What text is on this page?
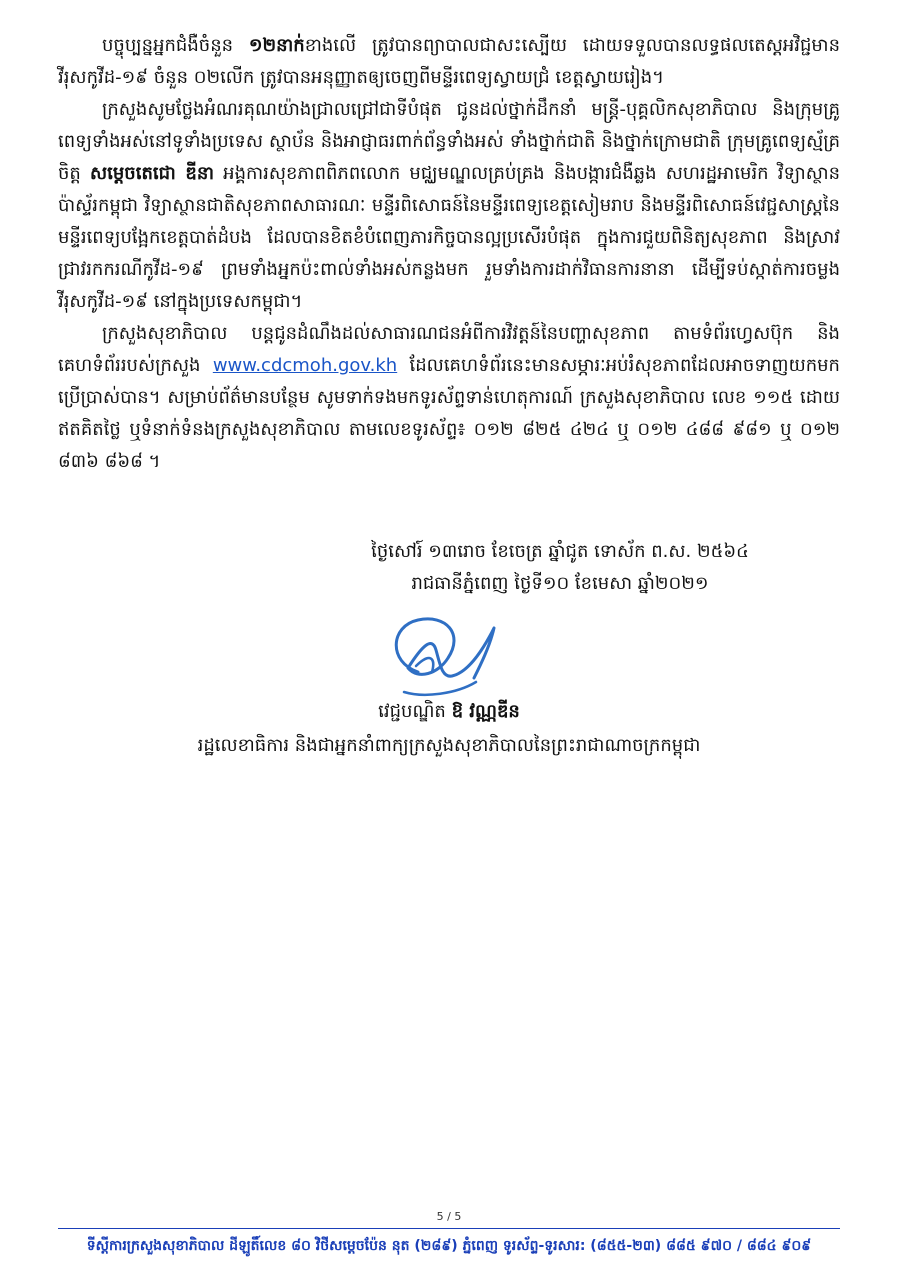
បច្ចុប្បន្នអ្នកជំងឺចំនួន ១២នាក់ខាងលើ ត្រូវបានព្យាបាលជាសះស្បើយ ដោយទទួលបានលទ្ធផលតេស្តអវិជ្ជមានវីរុសកូវីដ-១៩ ចំនួន ០២លើក ត្រូវបានអនុញ្ញាតឲ្យចេញពីមន្ទីរពេទ្យស្វាយជ្រំ ខេត្តស្វាយរៀង។

ក្រសួងសូមថ្លែងអំណរគុណយ៉ាងជ្រាលជ្រៅជាទីបំផុត ជូនដល់ថ្នាក់ដឹកនាំ មន្ត្រី-បុគ្គលិកសុខាភិបាល និងក្រុមគ្រូពេទ្យទាំងអស់នៅទូទាំងប្រទេស ស្ថាប័ន និងអាជ្ញាធរពាក់ព័ន្ធទាំងអស់ ទាំងថ្នាក់ជាតិ និងថ្នាក់ក្រោមជាតិ ក្រុមគ្រូពេទ្យស្ម័គ្រចិត្ត សម្តេចតេជោ ឌីនា អង្គការសុខភាពពិភពលោក មជ្ឈមណ្ឌលគ្រប់គ្រង និងបង្ការជំងឺឆ្លង សហរដ្ឋអាមេរិក វិទ្យាស្ថានប៉ាស្ទ័រកម្ពុជា វិទ្យាស្ថានជាតិសុខភាពសាធារណៈ មន្ទីរពិសោធន៍នៃមន្ទីរពេទ្យខេត្តសៀមរាប និងមន្ទីរពិសោធន៍វេជ្ជសាស្ត្រនៃមន្ទីរពេទ្យបង្អែកខេត្តបាត់ដំបង ដែលបានខិតខំបំពេញភារកិច្ចបានល្អប្រសើរបំផុត ក្នុងការជួយពិនិត្យសុខភាព និងស្រាវជ្រាវរកករណីកូវីដ-១៩ ព្រមទាំងអ្នកប៉ះពាល់ទាំងអស់កន្លងមក រួមទាំងការដាក់វិធានការនានា ដើម្បីទប់ស្កាត់ការចម្លងវីរុសកូវីដ-១៩ នៅក្នុងប្រទេសកម្ពុជា។

ក្រសួងសុខាភិបាល បន្តជូនដំណឹងដល់សាធារណជនអំពីការវិវត្តន៍នៃបញ្ហាសុខភាព តាមទំព័រហ្វេសប៊ុក និងគេហទំព័ររបស់ក្រសួង www.cdcmoh.gov.kh ដែលគេហទំព័រនេះមានសម្ភារៈអប់រំសុខភាពដែលអាចទាញយកមកប្រើប្រាស់បាន។ សម្រាប់ព័ត៌មានបន្ថែម សូមទាក់ទងមកទូរស័ព្ទទាន់ហេតុការណ៍ ក្រសួងសុខាភិបាល លេខ ១១៥ ដោយឥតគិតថ្លៃ ឬទំនាក់ទំនងក្រសួងសុខាភិបាល តាមលេខទូរស័ព្ទ៖ ០១២ ៨២៥ ៤២៤ ឬ ០១២ ៤៨៨ ៩៨១ ឬ ០១២ ៨៣៦ ៨៦៨ ។

ថ្ងៃសៅរ៍ ១៣រោច ខែចេត្រ ឆ្នាំជូត ទោស័ក ព.ស. ២៥៦៤
រាជធានីភ្នំពេញ ថ្ងៃទី១០ ខែមេសា ឆ្នាំ២០២១
វេជ្ជបណ្ឌិត ឱ វណ្ណឌីន
រដ្ឋលេខាធិការ និងជាអ្នកនាំពាក្យក្រសួងសុខាភិបាលនៃព្រះរាជាណាចក្រកម្ពុជា
5 / 5
ទីស្តីការក្រសួងសុខាភិបាល ដីឡូតិ៍លេខ ៨០ វិថីសម្តេចប៉ែន នុត (២៨៩) ភ្នំពេញ ទូរស័ព្ទ-ទូរសារ: (៨៥៥-២៣) ៨៨៥ ៩៧០ / ៨៨៤ ៩០៩
